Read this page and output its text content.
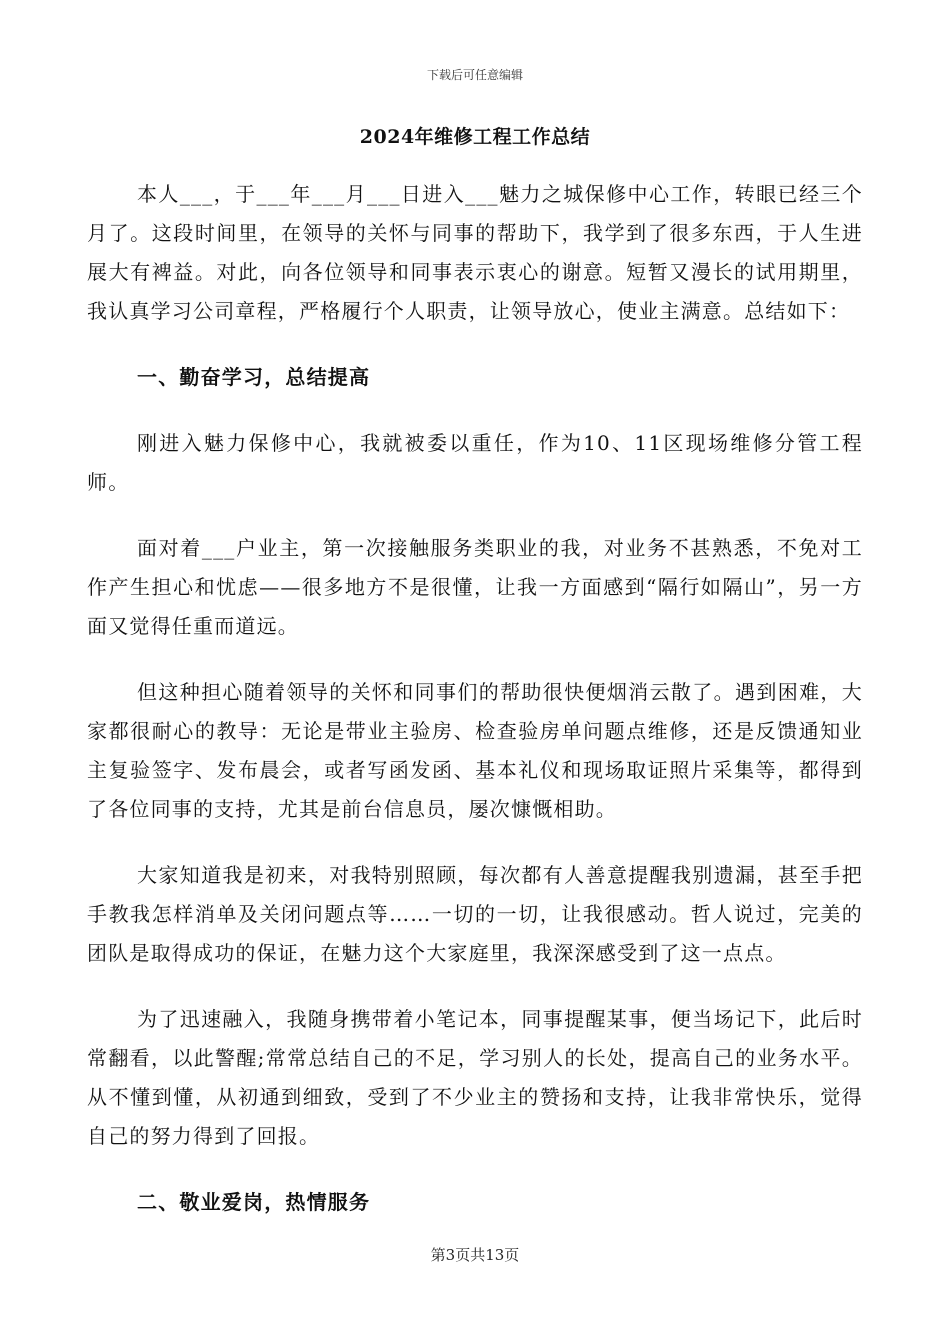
下载后可任意编辑
2024年维修工程工作总结

本人___，于___年___月___日进入___魅力之城保修中心工作，转眼已经三个月了。这段时间里，在领导的关怀与同事的帮助下，我学到了很多东西，于人生进展大有裨益。对此，向各位领导和同事表示衷心的谢意。短暂又漫长的试用期里，我认真学习公司章程，严格履行个人职责，让领导放心，使业主满意。总结如下：

一、勤奋学习，总结提高

刚进入魅力保修中心，我就被委以重任，作为10、11区现场维修分管工程师。

面对着___户业主，第一次接触服务类职业的我，对业务不甚熟悉，不免对工作产生担心和忧虑——很多地方不是很懂，让我一方面感到“隔行如隔山”，另一方面又觉得任重而道远。

但这种担心随着领导的关怀和同事们的帮助很快便烟消云散了。遇到困难，大家都很耐心的教导：无论是带业主验房、检查验房单问题点维修，还是反馈通知业主复验签字、发布晨会，或者写函发函、基本礼仪和现场取证照片采集等，都得到了各位同事的支持，尤其是前台信息员，屡次慷慨相助。

大家知道我是初来，对我特别照顾，每次都有人善意提醒我别遗漏，甚至手把手教我怎样消单及关闭问题点等……一切的一切，让我很感动。哲人说过，完美的团队是取得成功的保证，在魅力这个大家庭里，我深深感受到了这一点点。

为了迅速融入，我随身携带着小笔记本，同事提醒某事，便当场记下，此后时常翻看，以此警醒;常常总结自己的不足，学习别人的长处，提高自己的业务水平。从不懂到懂，从初通到细致，受到了不少业主的赞扬和支持，让我非常快乐，觉得自己的努力得到了回报。

二、敬业爱岗，热情服务
第3页共13页
